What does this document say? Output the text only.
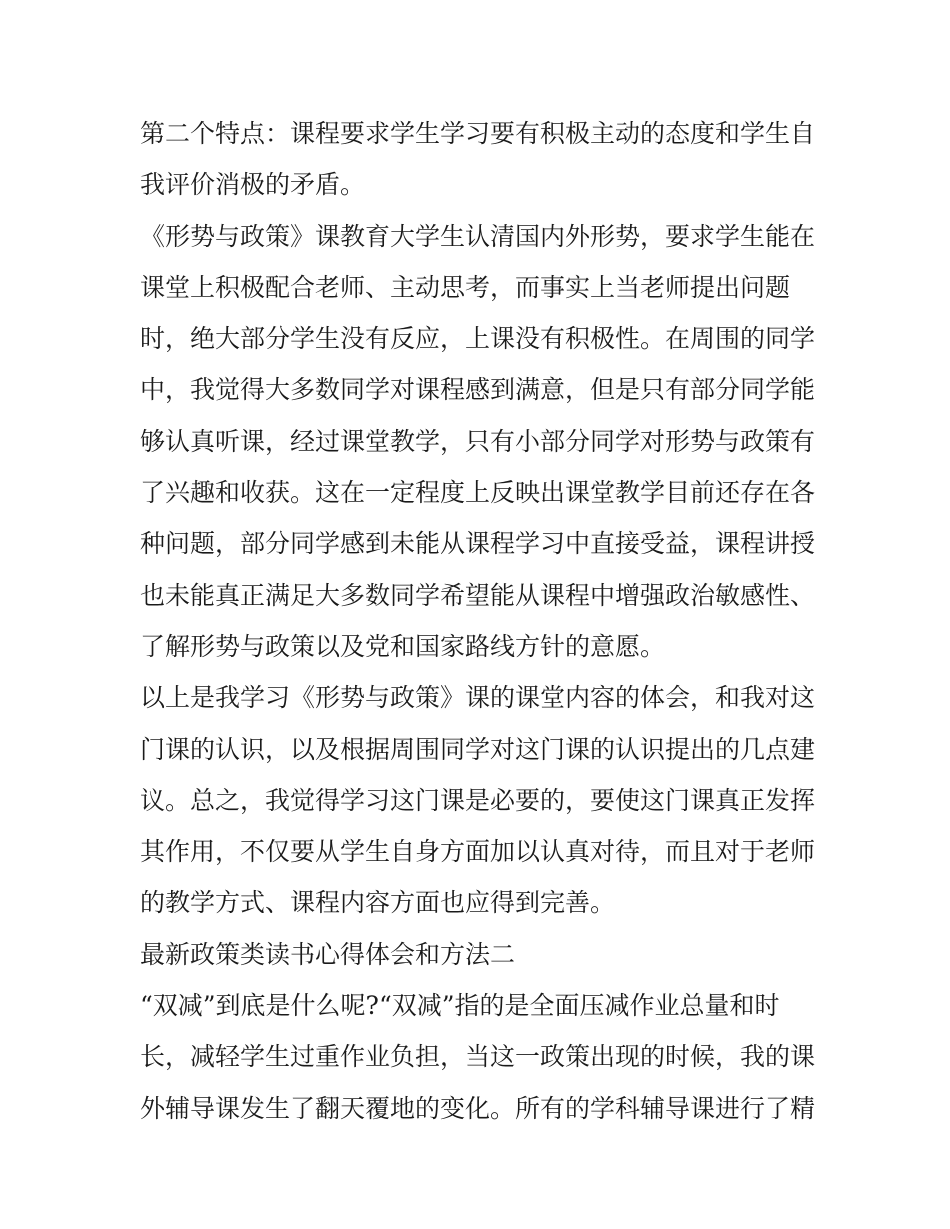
第二个特点：课程要求学生学习要有积极主动的态度和学生自
我评价消极的矛盾。
《形势与政策》课教育大学生认清国内外形势，要求学生能在
课堂上积极配合老师、主动思考，而事实上当老师提出问题
时，绝大部分学生没有反应，上课没有积极性。在周围的同学
中，我觉得大多数同学对课程感到满意，但是只有部分同学能
够认真听课，经过课堂教学，只有小部分同学对形势与政策有
了兴趣和收获。这在一定程度上反映出课堂教学目前还存在各
种问题，部分同学感到未能从课程学习中直接受益，课程讲授
也未能真正满足大多数同学希望能从课程中增强政治敏感性、
了解形势与政策以及党和国家路线方针的意愿。
以上是我学习《形势与政策》课的课堂内容的体会，和我对这
门课的认识，以及根据周围同学对这门课的认识提出的几点建
议。总之，我觉得学习这门课是必要的，要使这门课真正发挥
其作用，不仅要从学生自身方面加以认真对待，而且对于老师
的教学方式、课程内容方面也应得到完善。
最新政策类读书心得体会和方法二
“双减”到底是什么呢?“双减”指的是全面压减作业总量和时
长，减轻学生过重作业负担，当这一政策出现的时候，我的课
外辅导课发生了翻天覆地的变化。所有的学科辅导课进行了精
